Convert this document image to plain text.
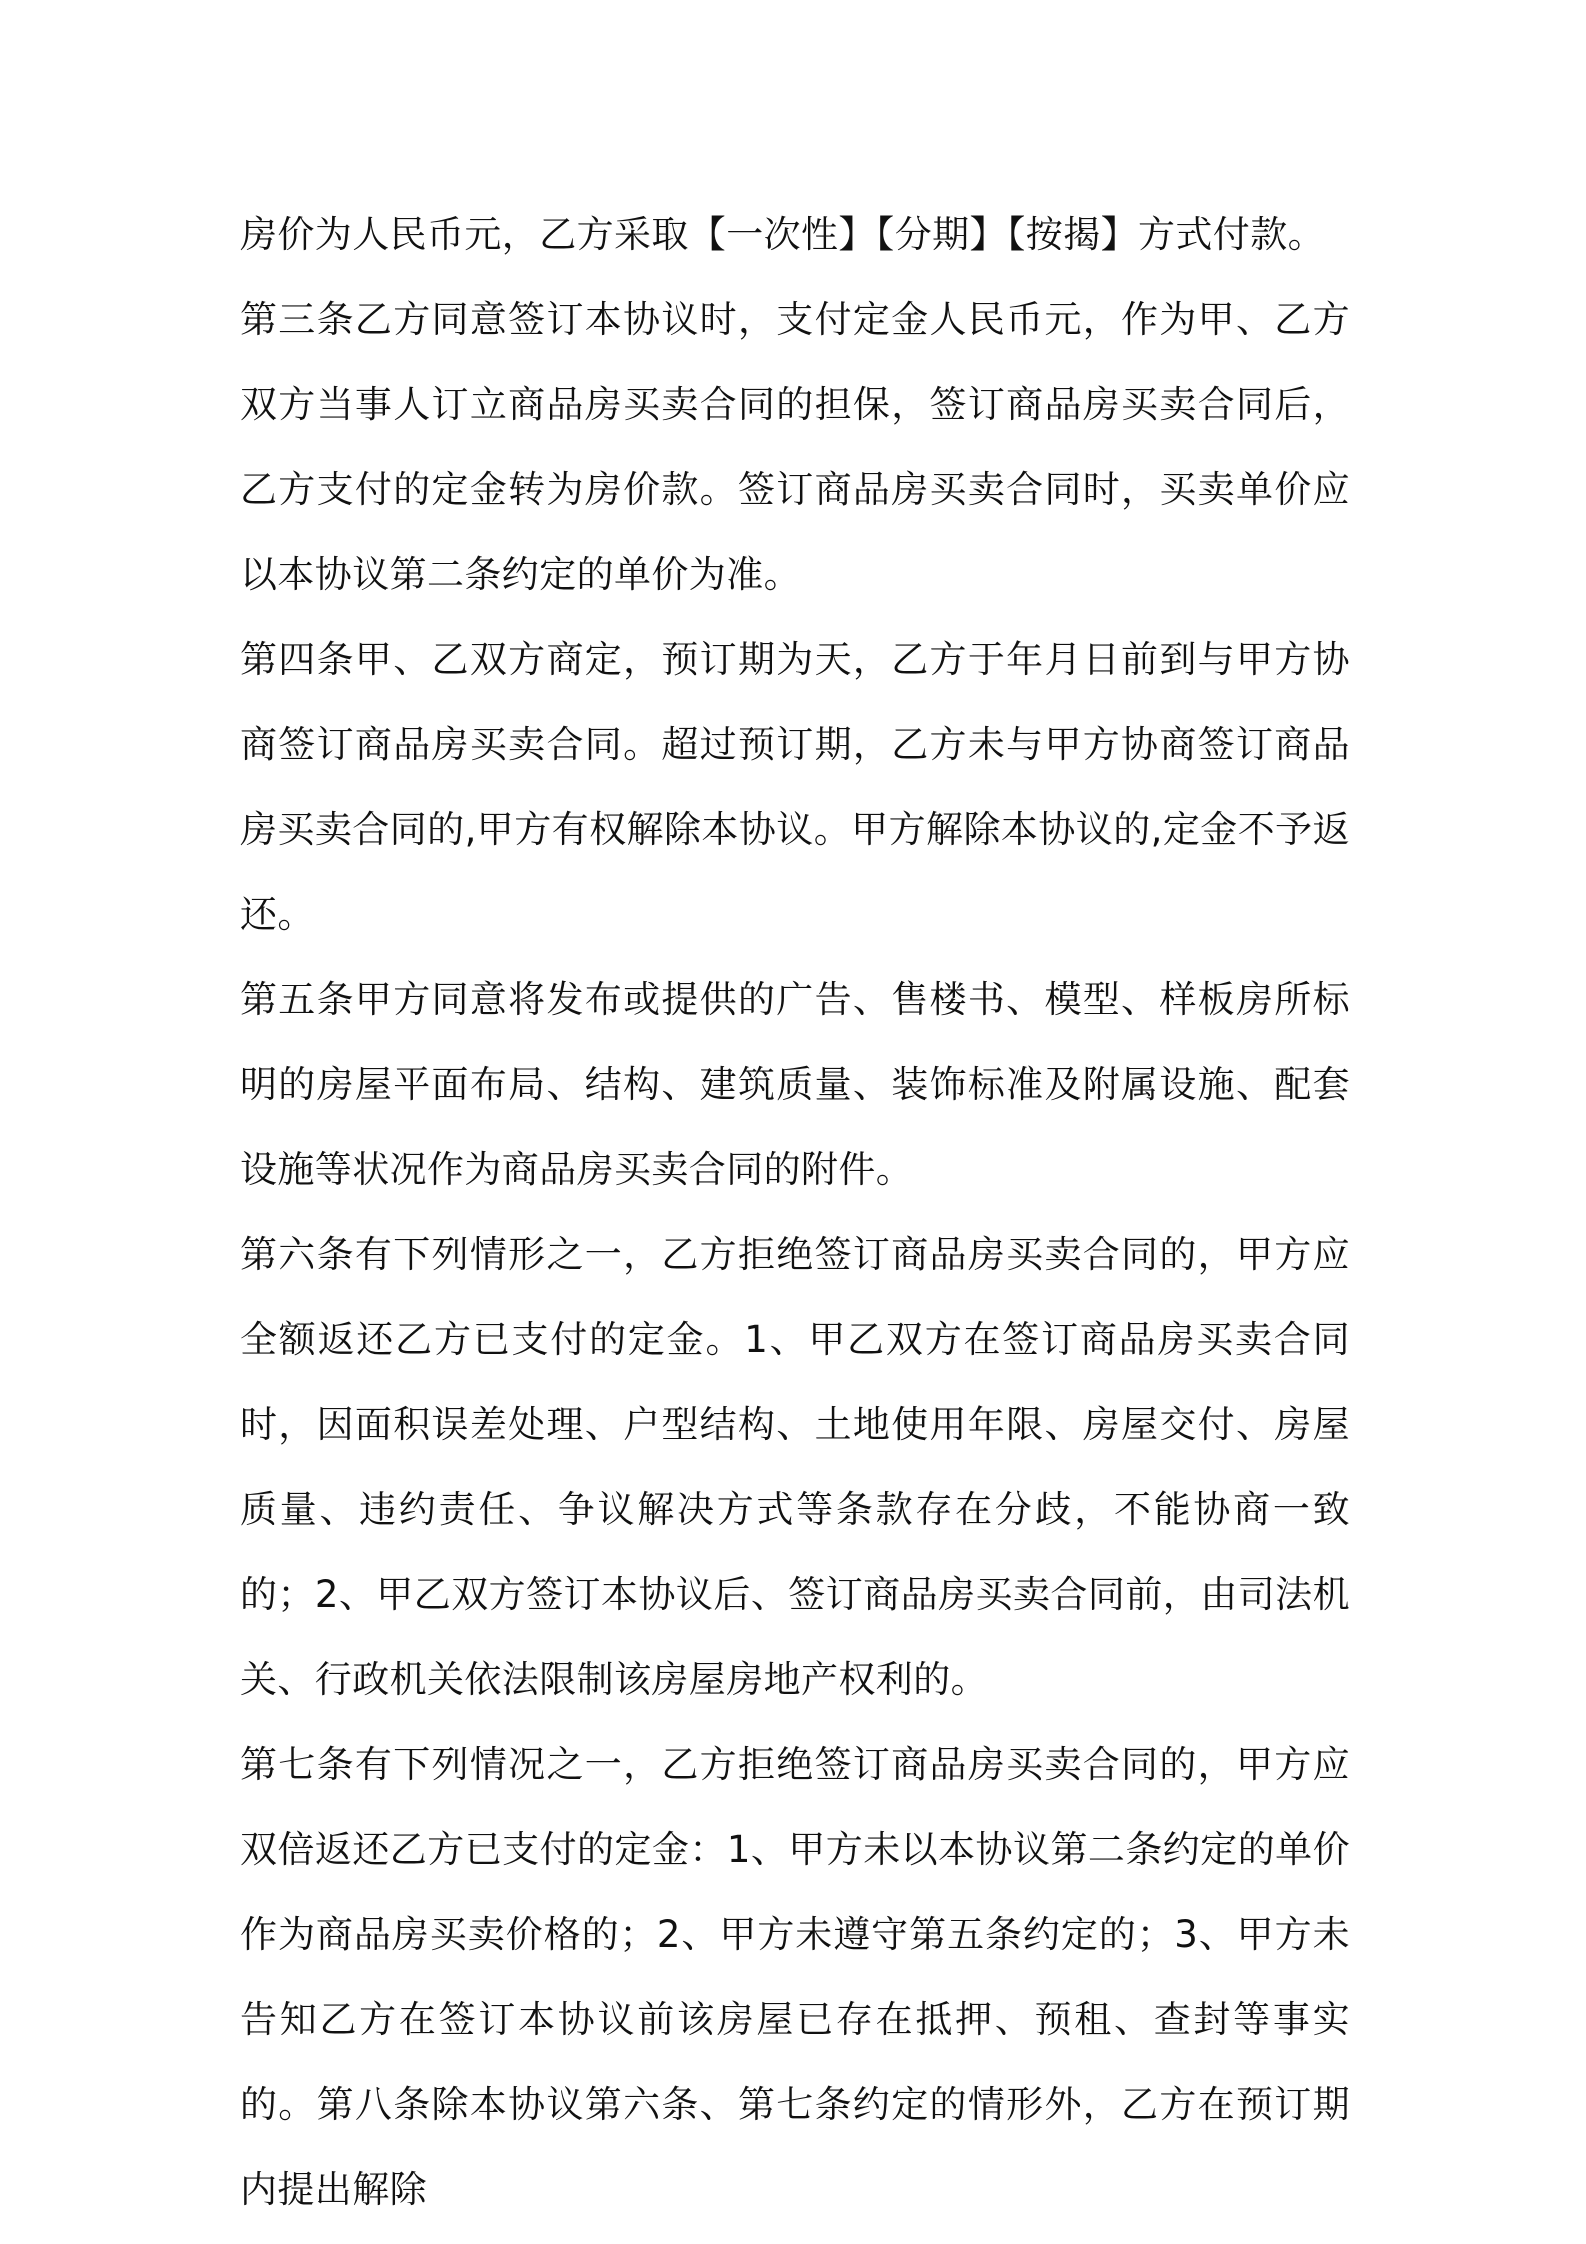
房价为人民币元，乙方采取【一次性】【分期】【按揭】方式付款。

第三条乙方同意签订本协议时，支付定金人民币元，作为甲、乙方双方当事人订立商品房买卖合同的担保，签订商品房买卖合同后，乙方支付的定金转为房价款。签订商品房买卖合同时，买卖单价应以本协议第二条约定的单价为准。

第四条甲、乙双方商定，预订期为天，乙方于年月日前到与甲方协商签订商品房买卖合同。超过预订期，乙方未与甲方协商签订商品房买卖合同的,甲方有权解除本协议。甲方解除本协议的,定金不予返还。

第五条甲方同意将发布或提供的广告、售楼书、模型、样板房所标明的房屋平面布局、结构、建筑质量、装饰标准及附属设施、配套设施等状况作为商品房买卖合同的附件。

第六条有下列情形之一，乙方拒绝签订商品房买卖合同的，甲方应全额返还乙方已支付的定金。1、甲乙双方在签订商品房买卖合同时，因面积误差处理、户型结构、土地使用年限、房屋交付、房屋质量、违约责任、争议解决方式等条款存在分歧，不能协商一致的；2、甲乙双方签订本协议后、签订商品房买卖合同前，由司法机关、行政机关依法限制该房屋房地产权利的。

第七条有下列情况之一，乙方拒绝签订商品房买卖合同的，甲方应双倍返还乙方已支付的定金：1、甲方未以本协议第二条约定的单价作为商品房买卖价格的；2、甲方未遵守第五条约定的；3、甲方未告知乙方在签订本协议前该房屋已存在抵押、预租、查封等事实的。第八条除本协议第六条、第七条约定的情形外，乙方在预订期内提出解除
